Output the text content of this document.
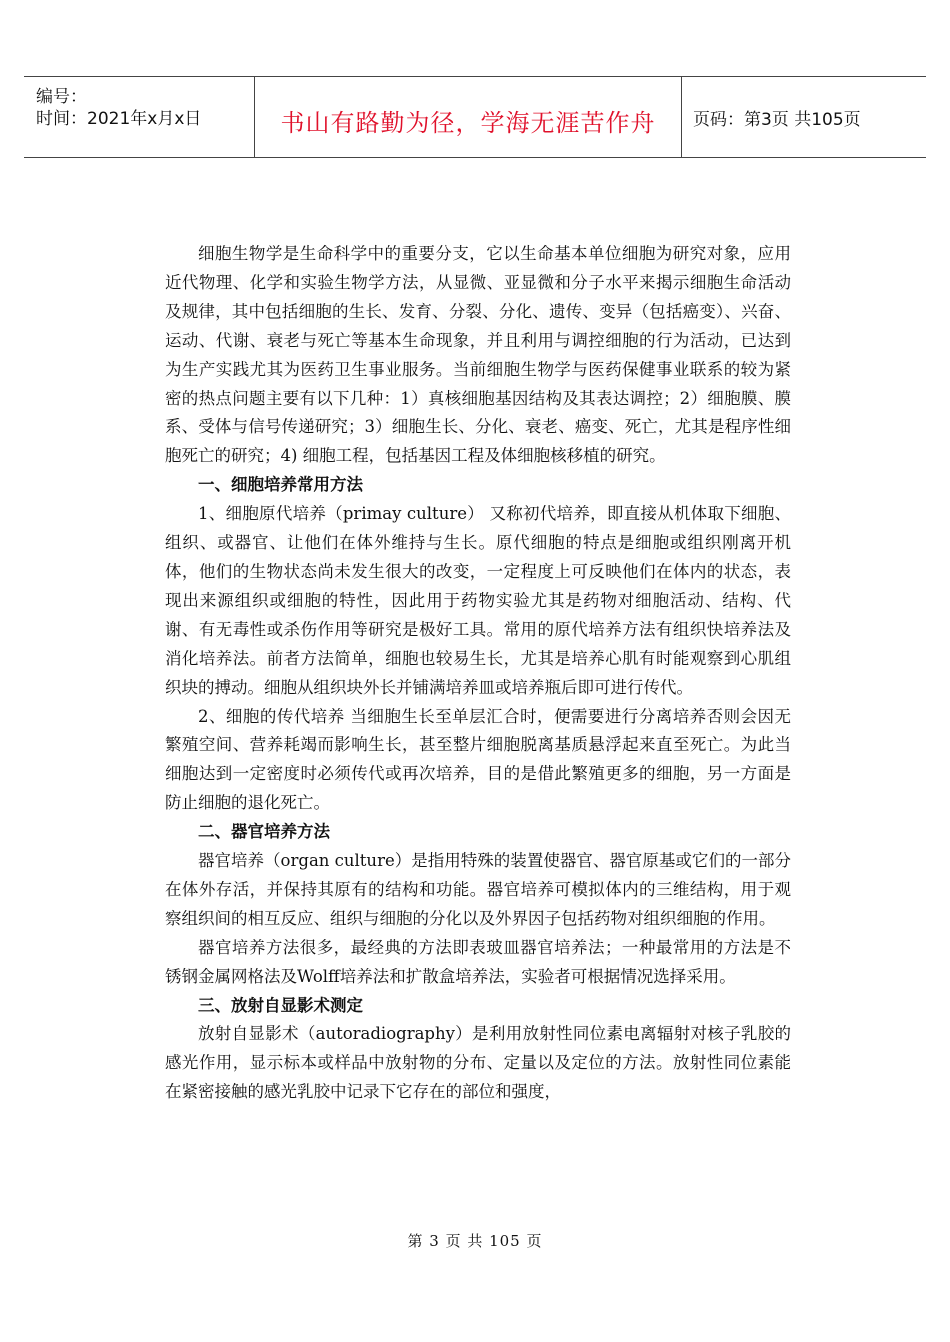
编号：
时间：2021年x月x日	书山有路勤为径，学海无涯苦作舟	页码：第3页 共105页

细胞生物学是生命科学中的重要分支，它以生命基本单位细胞为研究对象，应用近代物理、化学和实验生物学方法，从显微、亚显微和分子水平来揭示细胞生命活动及规律，其中包括细胞的生长、发育、分裂、分化、遗传、变异（包括癌变）、兴奋、运动、代谢、衰老与死亡等基本生命现象，并且利用与调控细胞的行为活动，已达到为生产实践尤其为医药卫生事业服务。当前细胞生物学与医药保健事业联系的较为紧密的热点问题主要有以下几种：1）真核细胞基因结构及其表达调控；2）细胞膜、膜系、受体与信号传递研究；3）细胞生长、分化、衰老、癌变、死亡，尤其是程序性细胞死亡的研究；4) 细胞工程，包括基因工程及体细胞核移植的研究。

一、细胞培养常用方法

1、细胞原代培养（primay culture） 又称初代培养，即直接从机体取下细胞、组织、或器官、让他们在体外维持与生长。原代细胞的特点是细胞或组织刚离开机体，他们的生物状态尚未发生很大的改变，一定程度上可反映他们在体内的状态，表现出来源组织或细胞的特性，因此用于药物实验尤其是药物对细胞活动、结构、代谢、有无毒性或杀伤作用等研究是极好工具。常用的原代培养方法有组织快培养法及消化培养法。前者方法简单，细胞也较易生长，尤其是培养心肌有时能观察到心肌组织块的搏动。细胞从组织块外长并铺满培养皿或培养瓶后即可进行传代。

2、细胞的传代培养 当细胞生长至单层汇合时，便需要进行分离培养否则会因无繁殖空间、营养耗竭而影响生长，甚至整片细胞脱离基质悬浮起来直至死亡。为此当细胞达到一定密度时必须传代或再次培养，目的是借此繁殖更多的细胞，另一方面是防止细胞的退化死亡。

二、器官培养方法

器官培养（organ culture）是指用特殊的装置使器官、器官原基或它们的一部分在体外存活，并保持其原有的结构和功能。器官培养可模拟体内的三维结构，用于观察组织间的相互反应、组织与细胞的分化以及外界因子包括药物对组织细胞的作用。

器官培养方法很多，最经典的方法即表玻皿器官培养法；一种最常用的方法是不锈钢金属网格法及Wolff培养法和扩散盒培养法，实验者可根据情况选择采用。

三、放射自显影术测定

放射自显影术（autoradiography）是利用放射性同位素电离辐射对核子乳胶的感光作用，显示标本或样品中放射物的分布、定量以及定位的方法。放射性同位素能在紧密接触的感光乳胶中记录下它存在的部位和强度，

第 3 页 共 105 页
